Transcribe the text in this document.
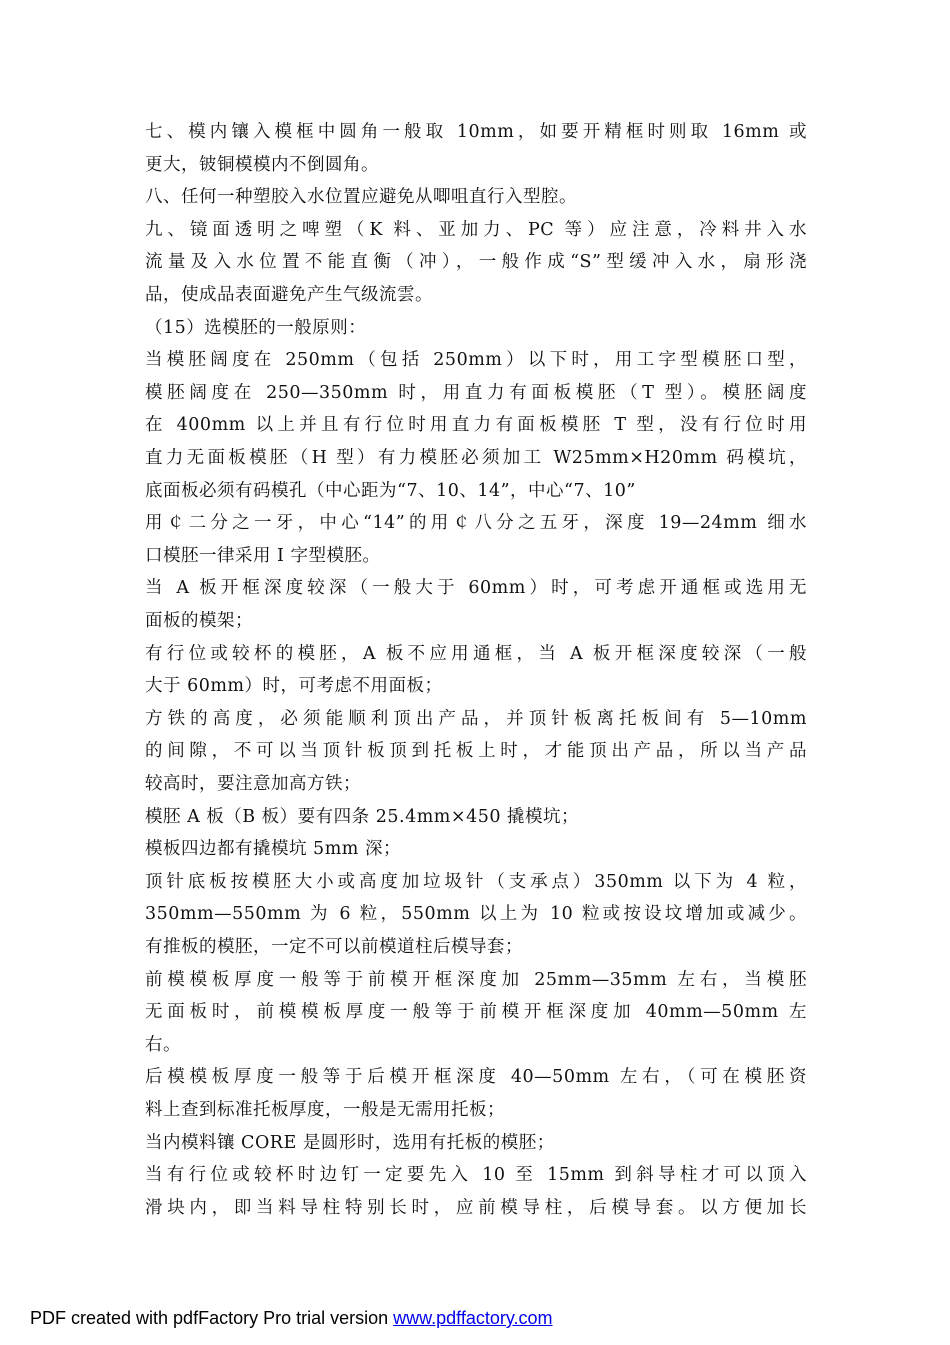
七、模内镶入模框中圆角一般取 10mm，如要开精框时则取 16mm 或
更大，铍铜模模内不倒圆角。
八、任何一种塑胶入水位置应避免从唧咀直行入型腔。
九、镜面透明之啤塑（K 料、亚加力、PC 等）应注意，冷料井入水
流量及入水位置不能直衡（冲），一般作成“S”型缓冲入水，扇形浇
品，使成品表面避免产生气级流雲。
（15）选模胚的一般原则：
当模胚阔度在 250mm（包括 250mm）以下时，用工字型模胚口型，
模胚阔度在 250—350mm 时，用直力有面板模胚（T 型）。模胚阔度
在 400mm 以上并且有行位时用直力有面板模胚 T 型，没有行位时用
直力无面板模胚（H 型）有力模胚必须加工 W25mm×H20mm 码模坑，
底面板必须有码模孔（中心距为“7、10、14”，中心“7、10”
用￠二分之一牙，中心“14”的用￠八分之五牙，深度 19—24mm 细水
口模胚一律采用 I 字型模胚。
当 A 板开框深度较深（一般大于 60mm）时，可考虑开通框或选用无
面板的模架；
有行位或较杯的模胚，A 板不应用通框，当 A 板开框深度较深（一般
大于 60mm）时，可考虑不用面板；
方铁的高度，必须能顺利顶出产品，并顶针板离托板间有 5—10mm
的间隙，不可以当顶针板顶到托板上时，才能顶出产品，所以当产品
较高时，要注意加高方铁；
模胚 A 板（B 板）要有四条 25.4mm×450 撬模坑；
模板四边都有撬模坑 5mm 深；
顶针底板按模胚大小或高度加垃圾针（支承点）350mm 以下为 4 粒，
350mm—550mm 为 6 粒，550mm 以上为 10 粒或按设坟增加或减少。
有推板的模胚，一定不可以前模道柱后模导套；
前模模板厚度一般等于前模开框深度加 25mm—35mm 左右，当模胚
无面板时，前模模板厚度一般等于前模开框深度加 40mm—50mm 左
右。
后模模板厚度一般等于后模开框深度 40—50mm 左右，（可在模胚资
料上查到标准托板厚度，一般是无需用托板；
当内模料镶 CORE 是圆形时，选用有托板的模胚；
当有行位或较杯时边钉一定要先入 10 至 15mm 到斜导柱才可以顶入
滑块内，即当料导柱特别长时，应前模导柱，后模导套。以方便加长
PDF created with pdfFactory Pro trial version www.pdffactory.com
